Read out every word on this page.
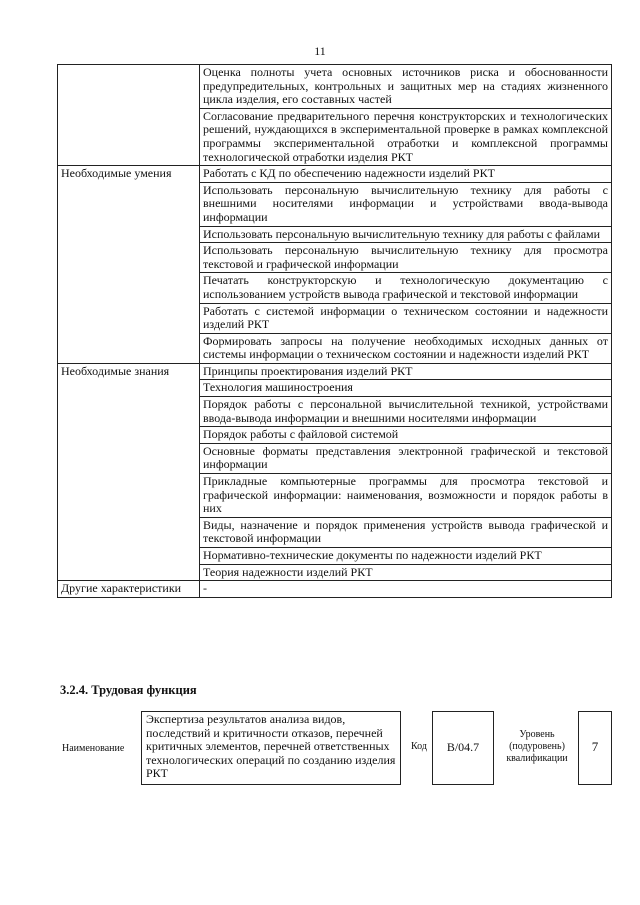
11
	Оценка полноты учета основных источников риска и обоснованности предупредительных, контрольных и защитных мер на стадиях жизненного цикла изделия, его составных частей
	Согласование предварительного перечня конструкторских и технологических решений, нуждающихся в экспериментальной проверке в рамках комплексной программы экспериментальной отработки и комплексной программы технологической отработки изделия РКТ
Необходимые умения	Работать с КД по обеспечению надежности изделий РКТ
	Использовать персональную вычислительную технику для работы с внешними носителями информации и устройствами ввода-вывода информации
	Использовать персональную вычислительную технику для работы с файлами
	Использовать персональную вычислительную технику для просмотра текстовой и графической информации
	Печатать конструкторскую и технологическую документацию с использованием устройств вывода графической и текстовой информации
	Работать с системой информации о техническом состоянии и надежности изделий РКТ
	Формировать запросы на получение необходимых исходных данных от системы информации о техническом состоянии и надежности изделий РКТ
Необходимые знания	Принципы проектирования изделий РКТ
	Технология машиностроения
	Порядок работы с персональной вычислительной техникой, устройствами ввода-вывода информации и внешними носителями информации
	Порядок работы с файловой системой
	Основные форматы представления электронной графической и текстовой информации
	Прикладные компьютерные программы для просмотра текстовой и графической информации: наименования, возможности и порядок работы в них
	Виды, назначение и порядок применения устройств вывода графической и текстовой информации
	Нормативно-технические документы по надежности изделий РКТ
	Теория надежности изделий РКТ
Другие характеристики	-
3.2.4. Трудовая функция
Наименование
Экспертиза результатов анализа видов, последствий и критичности отказов, перечней критичных элементов, перечней ответственных технологических операций по созданию изделия РКТ
Код	B/04.7
Уровень (подуровень) квалификации
7
